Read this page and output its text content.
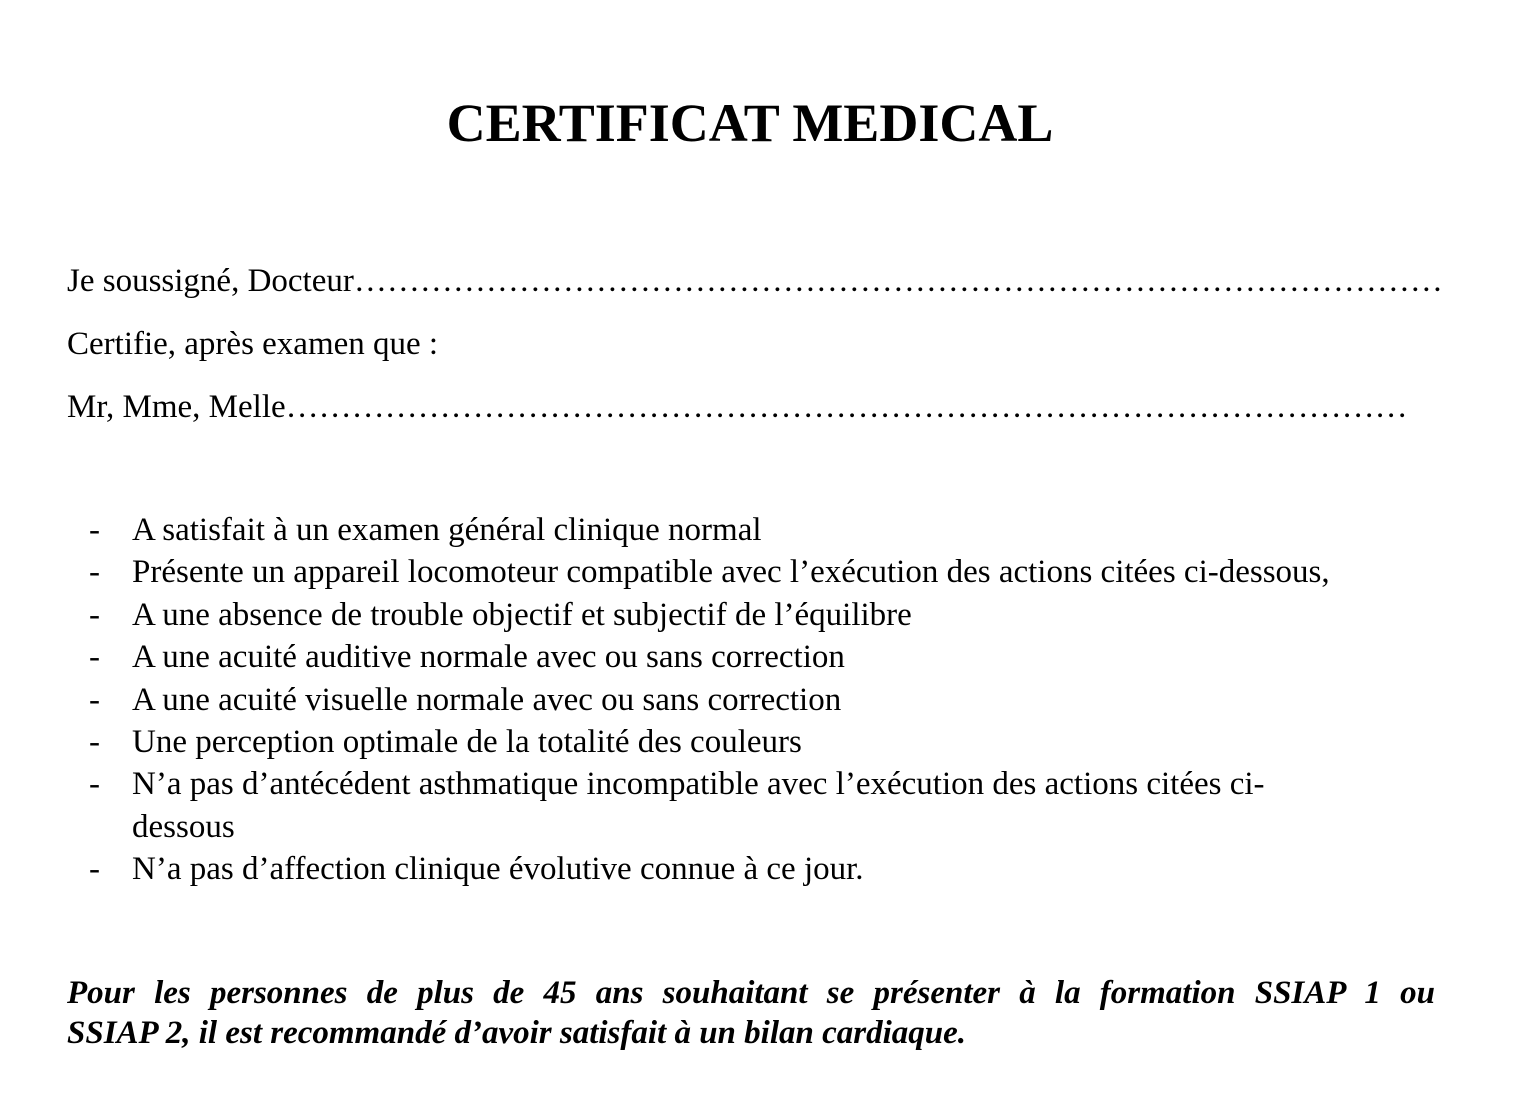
CERTIFICAT MEDICAL
Je soussigné, Docteur………………………………………………………………………………………
Certifie, après examen que :
Mr, Mme, Melle…………………………………………………………………………………………
- A satisfait à un examen général clinique normal
- Présente un appareil locomoteur compatible avec l’exécution des actions citées ci-dessous,
- A une absence de trouble objectif et subjectif de l’équilibre
- A une acuité auditive normale avec ou sans correction
- A une acuité visuelle normale avec ou sans correction
- Une perception optimale de la totalité des couleurs
- N’a pas d’antécédent asthmatique incompatible avec l’exécution des actions citées ci-
dessous
- N’a pas d’affection clinique évolutive connue à ce jour.
Pour les personnes de plus de 45 ans souhaitant se présenter à la formation SSIAP 1 ou
SSIAP 2, il est recommandé d’avoir satisfait à un bilan cardiaque.
